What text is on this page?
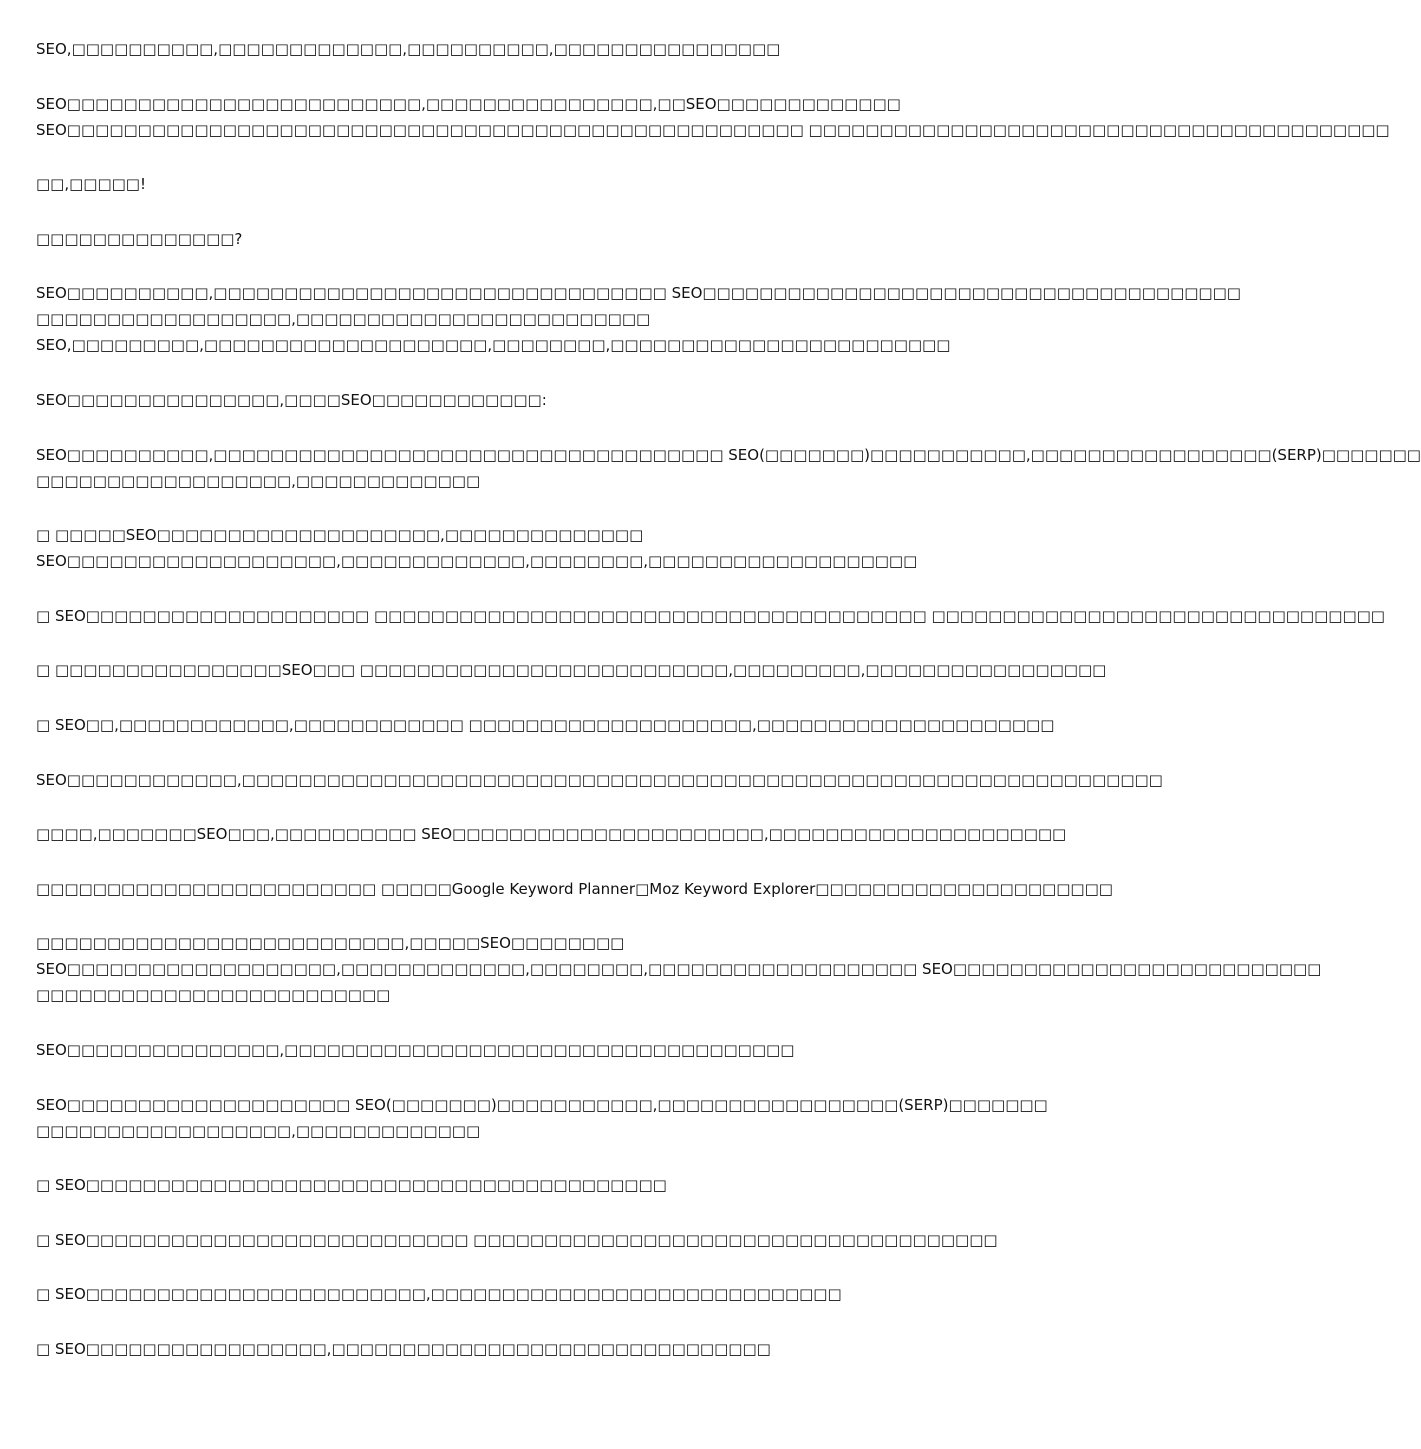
SEO,□□□□□□□□□□,□□□□□□□□□□□□□,□□□□□□□□□□,□□□□□□□□□□□□□□□□
SEO□□□□□□□□□□□□□□□□□□□□□□□□□,□□□□□□□□□□□□□□□□,□□SEO□□□□□□□□□□□□□
SEO□□□□□□□□□□□□□□□□□□□□□□□□□□□□□□□□□□□□□□□□□□□□□□□□□□□□ □□□□□□□□□□□□□□□□□□□□□□□□□□□□□□□□□□□□□□□□□
□□,□□□□□!
□□□□□□□□□□□□□□?
SEO□□□□□□□□□□,□□□□□□□□□□□□□□□□□□□□□□□□□□□□□□□□ SEO□□□□□□□□□□□□□□□□□□□□□□□□□□□□□□□□□□□□□□
□□□□□□□□□□□□□□□□□□,□□□□□□□□□□□□□□□□□□□□□□□□□
SEO,□□□□□□□□□,□□□□□□□□□□□□□□□□□□□□,□□□□□□□□,□□□□□□□□□□□□□□□□□□□□□□□□
SEO□□□□□□□□□□□□□□□,□□□□SEO□□□□□□□□□□□□:
SEO□□□□□□□□□□,□□□□□□□□□□□□□□□□□□□□□□□□□□□□□□□□□□□□ SEO(□□□□□□□)□□□□□□□□□□□,□□□□□□□□□□□□□□□□□(SERP)□□□□□□□
□□□□□□□□□□□□□□□□□□,□□□□□□□□□□□□□
□ □□□□□SEO□□□□□□□□□□□□□□□□□□□□,□□□□□□□□□□□□□□
SEO□□□□□□□□□□□□□□□□□□□,□□□□□□□□□□□□□,□□□□□□□□,□□□□□□□□□□□□□□□□□□□
□ SEO□□□□□□□□□□□□□□□□□□□□ □□□□□□□□□□□□□□□□□□□□□□□□□□□□□□□□□□□□□□□ □□□□□□□□□□□□□□□□□□□□□□□□□□□□□□□□
□ □□□□□□□□□□□□□□□□SEO□□□ □□□□□□□□□□□□□□□□□□□□□□□□□□,□□□□□□□□□,□□□□□□□□□□□□□□□□□
□ SEO□□,□□□□□□□□□□□□,□□□□□□□□□□□□ □□□□□□□□□□□□□□□□□□□□,□□□□□□□□□□□□□□□□□□□□□
SEO□□□□□□□□□□□□,□□□□□□□□□□□□□□□□□□□□□□□□□□□□□□□□□□□□□□□□□□□□□□□□□□□□□□□□□□□□□□□□□
□□□□,□□□□□□□SEO□□□,□□□□□□□□□□ SEO□□□□□□□□□□□□□□□□□□□□□□,□□□□□□□□□□□□□□□□□□□□□
□□□□□□□□□□□□□□□□□□□□□□□□ □□□□□Google Keyword Planner□Moz Keyword Explorer□□□□□□□□□□□□□□□□□□□□□
□□□□□□□□□□□□□□□□□□□□□□□□□□,□□□□□SEO□□□□□□□□
SEO□□□□□□□□□□□□□□□□□□□,□□□□□□□□□□□□□,□□□□□□□□,□□□□□□□□□□□□□□□□□□□ SEO□□□□□□□□□□□□□□□□□□□□□□□□□□
□□□□□□□□□□□□□□□□□□□□□□□□□
SEO□□□□□□□□□□□□□□□,□□□□□□□□□□□□□□□□□□□□□□□□□□□□□□□□□□□□
SEO□□□□□□□□□□□□□□□□□□□□ SEO(□□□□□□□)□□□□□□□□□□□,□□□□□□□□□□□□□□□□□(SERP)□□□□□□□
□□□□□□□□□□□□□□□□□□,□□□□□□□□□□□□□
□ SEO□□□□□□□□□□□□□□□□□□□□□□□□□□□□□□□□□□□□□□□□□
□ SEO□□□□□□□□□□□□□□□□□□□□□□□□□□□ □□□□□□□□□□□□□□□□□□□□□□□□□□□□□□□□□□□□□
□ SEO□□□□□□□□□□□□□□□□□□□□□□□□,□□□□□□□□□□□□□□□□□□□□□□□□□□□□□
□ SEO□□□□□□□□□□□□□□□□□,□□□□□□□□□□□□□□□□□□□□□□□□□□□□□□□
